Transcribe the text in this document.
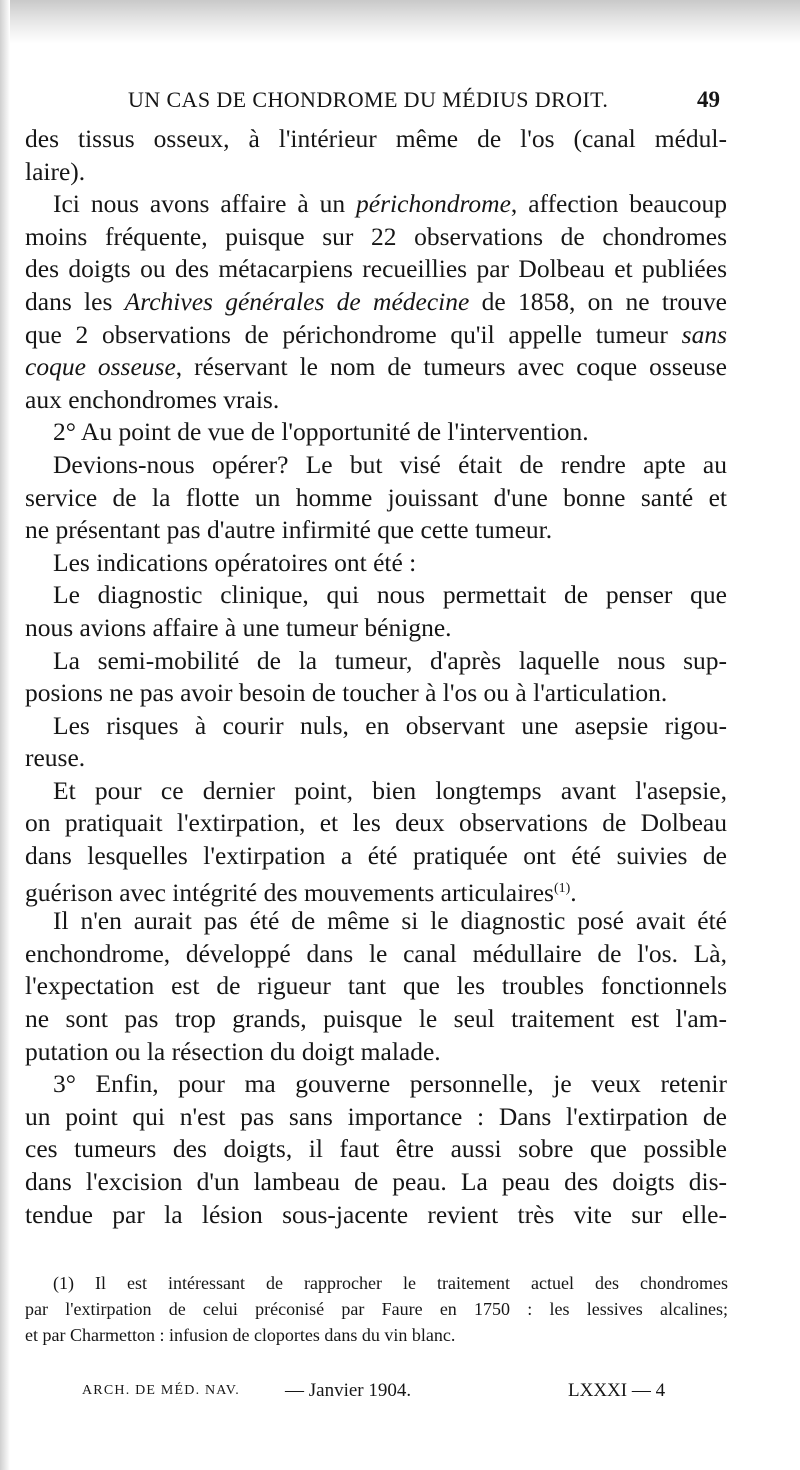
UN CAS DE CHONDROME DU MÉDIUS DROIT.	49
des tissus osseux, à l'intérieur même de l'os (canal médul-
laire).
Ici nous avons affaire à un périchondrome, affection beaucoup
moins fréquente, puisque sur 22 observations de chondromes
des doigts ou des métacarpiens recueillies par Dolbeau et publiées
dans les Archives générales de médecine de 1858, on ne trouve
que 2 observations de périchondrome qu'il appelle tumeur sans
coque osseuse, réservant le nom de tumeurs avec coque osseuse
aux enchondromes vrais.
2° Au point de vue de l'opportunité de l'intervention.
Devions-nous opérer? Le but visé était de rendre apte au
service de la flotte un homme jouissant d'une bonne santé et
ne présentant pas d'autre infirmité que cette tumeur.
Les indications opératoires ont été :
Le diagnostic clinique, qui nous permettait de penser que
nous avions affaire à une tumeur bénigne.
La semi-mobilité de la tumeur, d'après laquelle nous sup-
posions ne pas avoir besoin de toucher à l'os ou à l'articulation.
Les risques à courir nuls, en observant une asepsie rigou-
reuse.
Et pour ce dernier point, bien longtemps avant l'asepsie,
on pratiquait l'extirpation, et les deux observations de Dolbeau
dans lesquelles l'extirpation a été pratiquée ont été suivies de
guérison avec intégrité des mouvements articulaires$^{(1)}$.
Il n'en aurait pas été de même si le diagnostic posé avait été
enchondrome, développé dans le canal médullaire de l'os. Là,
l'expectation est de rigueur tant que les troubles fonctionnels
ne sont pas trop grands, puisque le seul traitement est l'am-
putation ou la résection du doigt malade.
3° Enfin, pour ma gouverne personnelle, je veux retenir
un point qui n'est pas sans importance : Dans l'extirpation de
ces tumeurs des doigts, il faut être aussi sobre que possible
dans l'excision d'un lambeau de peau. La peau des doigts dis-
tendue par la lésion sous-jacente revient très vite sur elle-
(1) Il est intéressant de rapprocher le traitement actuel des chondromes
par l'extirpation de celui préconisé par Faure en 1750 : les lessives alcalines;
et par Charmetton : infusion de cloportes dans du vin blanc.
ARCH. DE MÉD. NAV. — Janvier 1904.	LXXXI — 4
